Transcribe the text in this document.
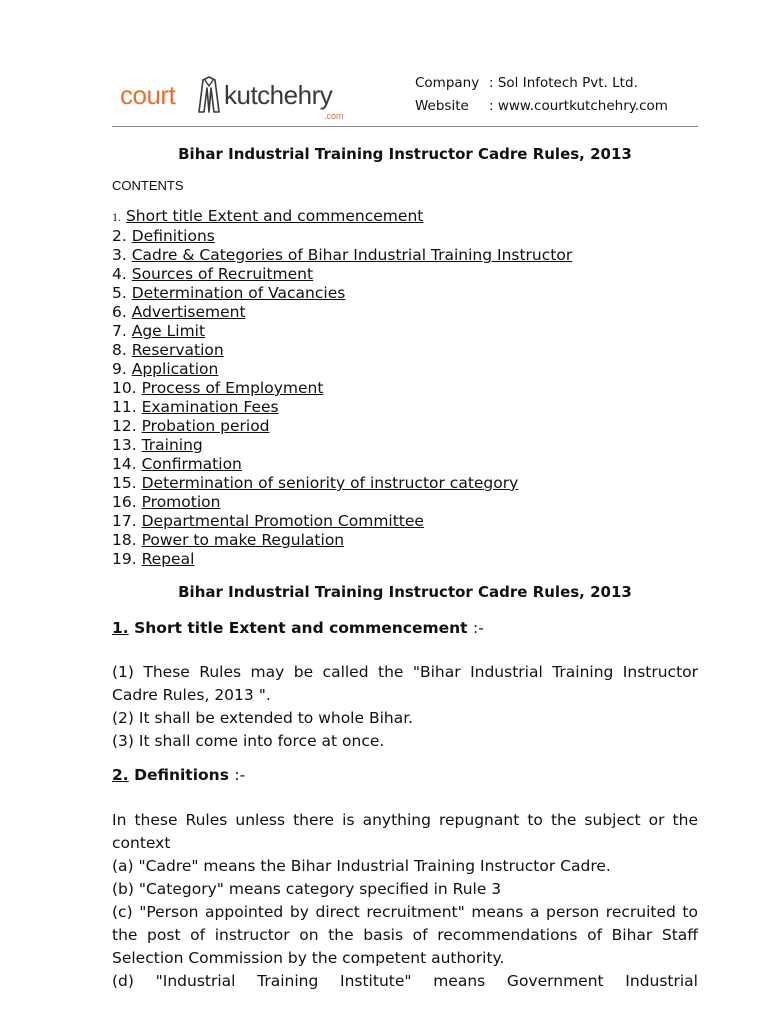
court kutchehry
.com
Company : Sol Infotech Pvt. Ltd.
Website : www.courtkutchehry.com
Bihar Industrial Training Instructor Cadre Rules, 2013
CONTENTS
1. Short title Extent and commencement
2. Definitions
3. Cadre & Categories of Bihar Industrial Training Instructor
4. Sources of Recruitment
5. Determination of Vacancies
6. Advertisement
7. Age Limit
8. Reservation
9. Application
10. Process of Employment
11. Examination Fees
12. Probation period
13. Training
14. Confirmation
15. Determination of seniority of instructor category
16. Promotion
17. Departmental Promotion Committee
18. Power to make Regulation
19. Repeal
Bihar Industrial Training Instructor Cadre Rules, 2013
1. Short title Extent and commencement :-

(1) These Rules may be called the "Bihar Industrial Training Instructor Cadre Rules, 2013 ".

(2) It shall be extended to whole Bihar.

(3) It shall come into force at once.

2. Definitions :-

In these Rules unless there is anything repugnant to the subject or the context

(a) "Cadre" means the Bihar Industrial Training Instructor Cadre.

(b) "Category" means category specified in Rule 3

(c) "Person appointed by direct recruitment" means a person recruited to the post of instructor on the basis of recommendations of Bihar Staff Selection Commission by the competent authority.

(d) "Industrial Training Institute" means Government Industrial
